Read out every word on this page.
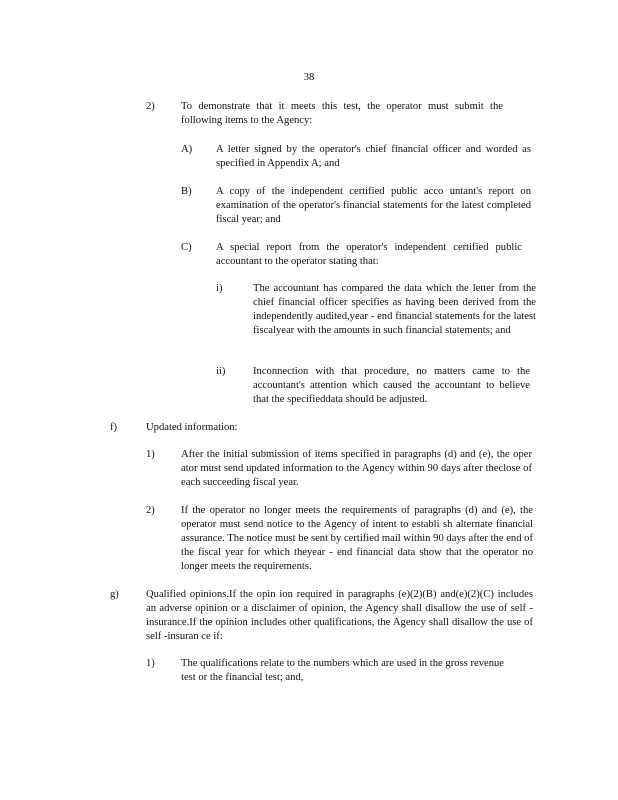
38
2) To demonstrate that it meets this test, the operator must submit the following items to the Agency:
A) A letter signed by the operator's chief financial officer and worded as specified in Appendix A; and
B) A copy of the independent certified public acco untant's report on examination of the operator's financial statements for the latest completed fiscal year; and
C) A special report from the operator's independent certified public accountant to the operator stating that:
i)	The accountant has compared the data which the letter from the chief financial officer specifies as having been derived from the independently audited,year - end financial statements for the latest fiscalyear with the amounts in such financial statements; and
ii)	Inconnection with that procedure, no matters came to the accountant's attention which caused the accountant to believe that the specifieddata should be adjusted.
f)	Updated information:
1) After the initial submission of items specified in paragraphs (d) and (e), the oper ator must send updated information to the Agency within 90 days after theclose of each succeeding fiscal year.
2) If the operator no longer meets the requirements of paragraphs (d) and (e), the operator must send notice to the Agency of intent to establi sh alternate financial assurance. The notice must be sent by certified mail within 90 days after the end of the fiscal year for which theyear - end financial data show that the operator no longer meets the requirements.
g)	Qualified opinions.If the opin ion required in paragraphs (e)(2)(B) and(e)(2)(C) includes an adverse opinion or a disclaimer of opinion, the Agency shall disallow the use of self -insurance.If the opinion includes other qualifications, the Agency shall disallow the use of self -insuran ce if:
1) The qualifications relate to the numbers which are used in the gross revenue test or the financial test; and,
